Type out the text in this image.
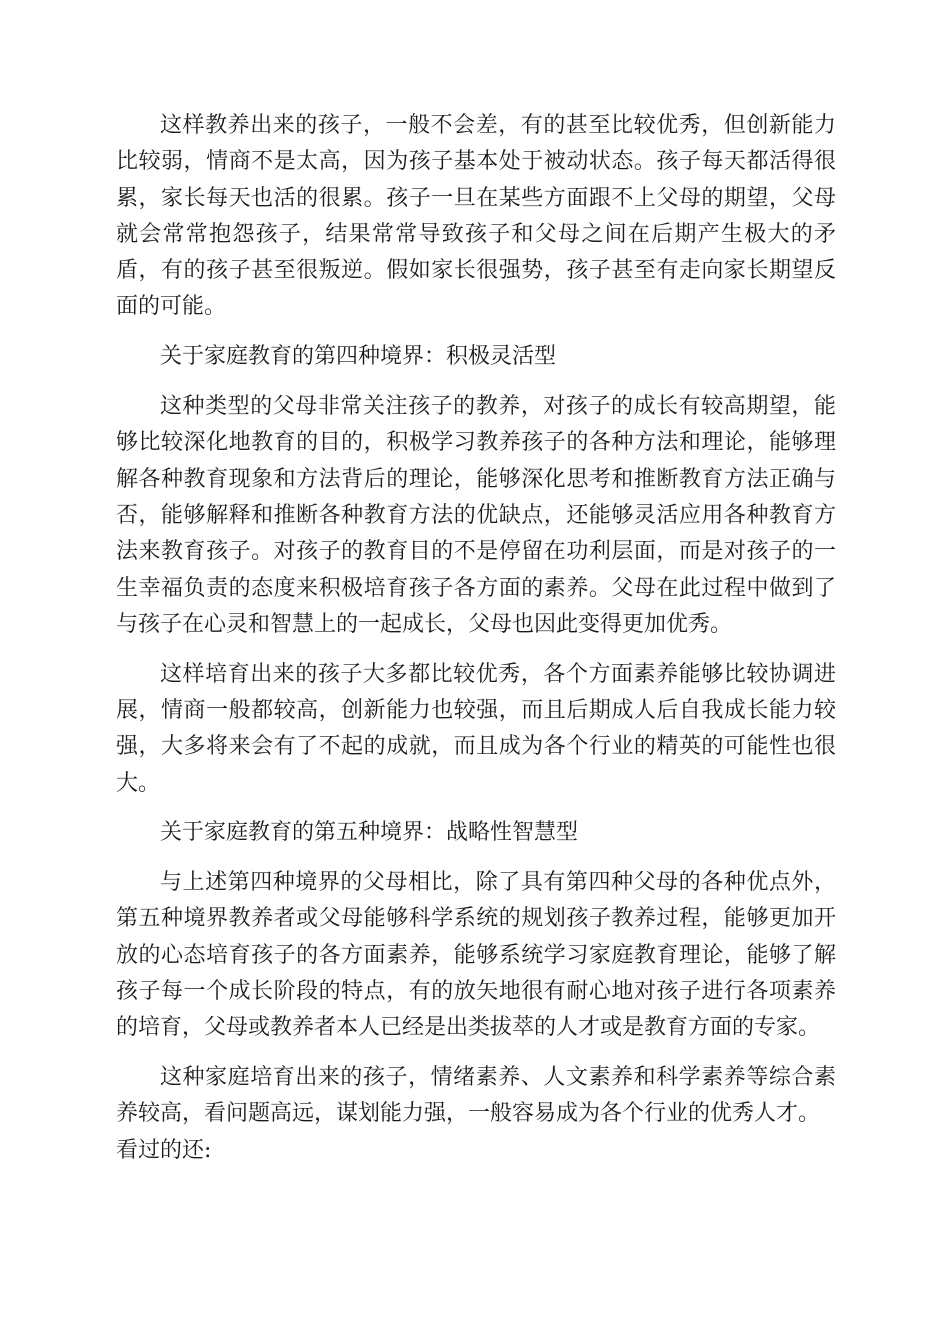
这样教养出来的孩子，一般不会差，有的甚至比较优秀，但创新能力比较弱，情商不是太高，因为孩子基本处于被动状态。孩子每天都活得很累，家长每天也活的很累。孩子一旦在某些方面跟不上父母的期望，父母就会常常抱怨孩子，结果常常导致孩子和父母之间在后期产生极大的矛盾，有的孩子甚至很叛逆。假如家长很强势，孩子甚至有走向家长期望反面的可能。

关于家庭教育的第四种境界：积极灵活型

这种类型的父母非常关注孩子的教养，对孩子的成长有较高期望，能够比较深化地教育的目的，积极学习教养孩子的各种方法和理论，能够理解各种教育现象和方法背后的理论，能够深化思考和推断教育方法正确与否，能够解释和推断各种教育方法的优缺点，还能够灵活应用各种教育方法来教育孩子。对孩子的教育目的不是停留在功利层面，而是对孩子的一生幸福负责的态度来积极培育孩子各方面的素养。父母在此过程中做到了与孩子在心灵和智慧上的一起成长，父母也因此变得更加优秀。

这样培育出来的孩子大多都比较优秀，各个方面素养能够比较协调进展，情商一般都较高，创新能力也较强，而且后期成人后自我成长能力较强，大多将来会有了不起的成就，而且成为各个行业的精英的可能性也很大。

关于家庭教育的第五种境界：战略性智慧型

与上述第四种境界的父母相比，除了具有第四种父母的各种优点外，第五种境界教养者或父母能够科学系统的规划孩子教养过程，能够更加开放的心态培育孩子的各方面素养，能够系统学习家庭教育理论，能够了解孩子每一个成长阶段的特点，有的放矢地很有耐心地对孩子进行各项素养的培育，父母或教养者本人已经是出类拔萃的人才或是教育方面的专家。

这种家庭培育出来的孩子，情绪素养、人文素养和科学素养等综合素养较高，看问题高远，谋划能力强，一般容易成为各个行业的优秀人才。

看过的还:
